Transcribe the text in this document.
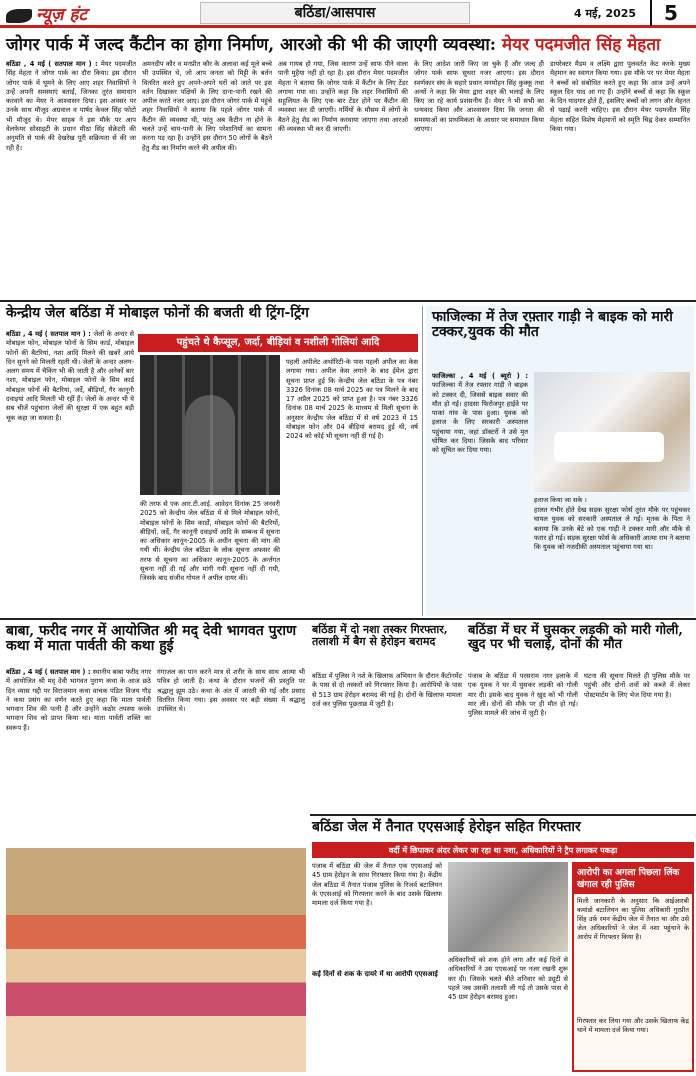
न्यूज़ हंट	बठिंडा/आसपास	4 मई, 2025	5
जोगर पार्क में जल्द कैंटीन का होगा निर्माण, आरओ की भी की जाएगी व्यवस्था: मेयर पदमजीत सिंह मेहता
बठिंडा , 4 मई ( सतपाल मान ) : मेयर पदमजीत सिंह मेहता ने जोगर पार्क का दौरा किया। इस दौरान जोगर पार्क में घूमने के लिए आए शहर निवासियों ने उन्हें अपनी समस्याएं बताईं, जिनका तुरंत समाधान करवाने का मेयर ने आश्वासन दिया। इस अवसर पर उनके साथ मौजूद अग्रवाल व पार्षद केवल सिंह फोटो भी मौजूद थे। मेयर साहब ने इस मौके पर आप वेलफेयर सोसाइटी के प्रधान मीठा सिंह सेक्रेटरी की अनुमति से पार्क की देखरेख पूरी सक्रियता से की जा रही है।
अमनदीप कौर व मनप्रीत कौर के अलावा कई मूले बच्चे भी उपस्थित थे, जो आप जनता को मिट्टी के बर्तन वितरित करते हुए अपने-अपने घरों को जाते पर इस वर्तन दिखाकर पक्षियों के लिए दाना-पानी रखने की अपील करते नजर आए। इस दौरान जोगर पार्क में पहुंचे शहर निवासियों ने बताया कि पहले जोगर पार्क में कैंटीन की व्यवस्था थी, परंतु अब कैंटीन ना होने के चलते उन्हें चाय-पानी के लिए परेशानियों का सामना करना पड़ रहा है। उन्होंने इस दौरान 50 लोगों के बैठने हेतु शैड का निर्माण करने की अपील की।
अब गायब हो गया, जिस कारण उन्हें साफ पीने वाला पानी मुहैया नहीं हो रहा है। इस दौरान मेयर पदमजीत मेहता ने बताया कि जोगर पार्क में कैंटीन के लिए टेंडर लगाया गया था। उन्होंने कहा कि शहर निवासियों की सहूलियत के लिए एक बार टेंडर होने पर कैंटीन की व्यवस्था कर दी जाएगी। गर्मियों के मौसम में लोगों के बैठने हेतु शैड का निर्माण करवाया जाएगा तथा आरओ की व्यवस्था भी कर दी जाएगी।
के लिए आदेश जारी किए जा चुके हैं और जल्द ही जोगर पार्क साफ सुथरा नजर आएगा। इस दौरान स्वर्णकार संघ के सहारे प्रधान मनमोहन सिंह कुक्कू तथा अन्यों ने कहा कि मेयर द्वारा शहर की भलाई के लिए किए जा रहे कार्य प्रशंसनीय हैं। मेयर ने भी सभी का धन्यवाद किया और आश्वासन दिया कि जनता की समस्याओं का प्राथमिकता के आधार पर समाधान किया जाएगा।
डायरेक्टर मैडम व लक्ष्मि द्वारा पुलवर्तत केट करके मुख्य मेहमान का स्वागत किया गया। इस मौके पर पर मेयर मेहता ने बच्चों को संबोधित करते हुए कहा कि आज उन्हें अपने स्कूल दिन याद आ गए हैं। उन्होंने बच्चों से कहा कि स्कूल के दिन यादगार होते हैं, इसलिए बच्चों को लगन और मेहनत से पढ़ाई करनी चाहिए। इस दौरान मेयर पदमजीत सिंह मेहता सहित विशेष मेहमानों को स्मृति चिह्न देकर सम्मानित किया गया।
केन्द्रीय जेल बठिंडा में मोबाइल फोनों की बजती थी ट्रिंग-ट्रिंग
पहुंचते थे कैप्सूल, जर्दा, बीड़ियां व नशीली गोलियां आदि
बठिंडा , 4 मई ( सतपाल मान ) : जेलों के अन्दर से मोबाइल फोन, मोबाइल फोनों के सिम कार्ड, मोबाइल फोनों की बैटरियां, नशा आदि मिलने की खबरें आये दिन सुनने को मिलती रहती थी। जेलों के अन्दर अलग-अलग समय में चैकिंग भी की जाती है और अनेकों बार नशा, मोबाइल फोन, मोबाइल फोनों के सिम कार्ड मोबाइल फोनों की बैटरियां, जर्दे, बीड़ियाँ, गैर कानूनी दवाइयां आदि मिलती भी रहीं हैं। जेलों के अन्दर भी ये सब चीजें पहुंचाना जेलों की सुरक्षा में एक बहुत बड़ी चूक कहा जा सकता है।
की तरफ से एक आर.टी.आई. आवेदन दिनांक 25 जनवरी 2025 को केन्द्रीय जेल बठिंडा में से मिले मोबाइल फोनों, मोबाइल फोनों के सिम कार्डों, मोबाइल फोनों की बैटरियों, बीड़ियों, जर्दे, गैर कानूनी दवाइयों आदि के सम्बन्ध में सूचना का अधिकार कानून-2005 के अधीन सूचना की मांग की गयी थी। केन्द्रीय जेल बठिंडा के लोक सूचना अफसर की तरफ से सूचना का अधिकार कानून-2005 के अर्न्तगत सूचना नहीं दी गई और मांगी गयी सूचना नहीं दी गयी, जिसके बाद संजीव गोयल ने अपील दायर की।
पहली अपीलेट अथॉरिटी-के पास पहली अपील का केस लगाया गया। अपील केस लगाने के बाद ईमेल द्वारा सूचना प्राप्त हुई कि केन्द्रीय जेल बठिंडा के पत्र नंबर 3326 दिनांक 08 मार्च 2025 का पत्र मिलने के बाद 17 अप्रैल 2025 को प्राप्त हुआ है। पत्र नंबर 3326 दिनांक 08 मार्च 2025 के माध्यम से मिली सूचना के अनुसार केन्द्रीय जेल बठिंडा में से वर्ष 2023 में 15 मोबाइल फोन और 04 बीड़ियां बरामद हुई थी, वर्ष 2024 को कोई भी सूचना नहीं दी गई है।
फाजिल्का में तेज रफ़्तार गाड़ी ने बाइक को मारी टक्कर,युवक की मौत
फाजिल्का , 4 मई ( ब्यूरो ) : फाजिल्का में तेज रफ्तार गाड़ी ने बाइक को टक्कर दी, जिससे बाइक सवार की मौत हो गई। हादसा फिरोजपुर हाईवे पर पाकां गांव के पास हुआ। युवक को इलाज के लिए सरकारी अस्पताल पहुंचाया गया, जहां डॉक्टरों ने उसे मृत घोषित कर दिया। जिसके बाद परिवार को सूचित कर दिया गया।
इलाज किया जा सके ।
हालत गंभीर होते देख सड़क सुरक्षा फोर्स तुरंत मौके पर पहुंचकर घायल युवक को सरकारी अस्पताल ले गई। मृतक के पिता ने बताया कि उनके बेटे को एक गाड़ी ने टक्कर मारी और मौके से फरार हो गई। सड़क सुरक्षा फोर्स के अधिकारी आत्मा राम ने बताया कि युवक को नजदीकी अस्पताल पहुंचाया गया था।
बाबा, फरीद नगर में आयोजित श्री मद् देवी भागवत पुराण कथा में माता पार्वती की कथा हुई
बठिंडा , 4 मई ( सतपाल मान ) : स्थानीय बाबा फरीद नगर में आयोजित श्री मद् देवी भागवत पुराण कथा के आज छठे दिन व्यास गद्दी पर विराजमान कथा वाचक पंडित विजय गौड़ ने कथा प्रसंग का वर्णन करते हुए कहा कि माता पार्वती भगवान शिव की पत्नी हैं और उन्होंने कठोर तपस्या करके भगवान शिव को प्राप्त किया था। माता पार्वती शक्ति का स्वरूप हैं।
गंगाजल का पान करने मात्र से शरीर के साथ साथ आत्मा भी पवित्र हो जाती है। कथा के दौरान भजनों की प्रस्तुति पर श्रद्धालु झूम उठे। कथा के अंत में आरती की गई और प्रसाद वितरित किया गया। इस अवसर पर बड़ी संख्या में श्रद्धालु उपस्थित थे।
बठिंडा में दो नशा तस्कर गिरफ्तार, तलाशी में बैग से हेरोइन बरामद
बठिंडा में पुलिस ने नशे के खिलाफ अभियान के दौरान कैंटोनमेंट के पास से दो तस्करों को गिरफ्तार किया है। आरोपियों के पास से 513 ग्राम हेरोइन बरामद की गई है। दोनों के खिलाफ मामला दर्ज कर पुलिस पूछताछ में जुटी है।
बठिंडा में घर में घुसकर लड़की को मारी गोली, खुद पर भी चलाई, दोनों की मौत
पंजाब के बठिंडा में परसराम नगर इलाके में एक युवक ने घर में घुसकर लड़की को गोली मार दी। इसके बाद युवक ने खुद को भी गोली मार ली। दोनों की मौके पर ही मौत हो गई। पुलिस मामले की जांच में जुटी है।
घटना की सूचना मिलते ही पुलिस मौके पर पहुंची और दोनों शवों को कब्जे में लेकर पोस्टमार्टम के लिए भेज दिया गया है।
बठिंडा जेल में तैनात एएसआई हेरोइन सहित गिरफ्तार
वर्दी में छिपाकर अंदर लेकर जा रहा था नशा, अधिकारियों ने ट्रैप लगाकर पकड़ा
पंजाब में बठिंडा की जेल में तैनात एक एएसआई को 45 ग्राम हेरोइन के साथ गिरफ्तार किया गया है। केंद्रीय जेल बठिंडा में तैनात पंजाब पुलिस के रिजर्व बटालियन के एएसआई को गिरफ्तार करने के बाद उसके खिलाफ मामला दर्ज किया गया है।
कई दिनों से शक के दायरे में था आरोपी एएसआई
अधिकारियों को शक होने लगा और कई दिनों से अधिकारियों ने उस एएसआई पर नजर रखनी शुरू कर दी। जिसके चलते बीते शनिवार को ड्यूटी से पहले जब उसकी तलाशी ली गई तो उसके पास से 45 ग्राम हेरोइन बरामद हुआ।
आरोपी का अगला पिछला लिंक खंगाल रही पुलिस
मिली जानकारी के अनुसार कि आईआरबी कमांडो बटालियन का पुलिस अधिकारी गुरप्रीत सिंह उर्फ़ रमन केंद्रीय जेल में तैनात था और उसे जेल अधिकारियों ने जेल में नशा पहुंचाने के आरोप में गिरफ्तार किया है।
गिरफ्तार कर लिया गया और उसके खिलाफ केंद्र थाने में मामला दर्ज किया गया।
